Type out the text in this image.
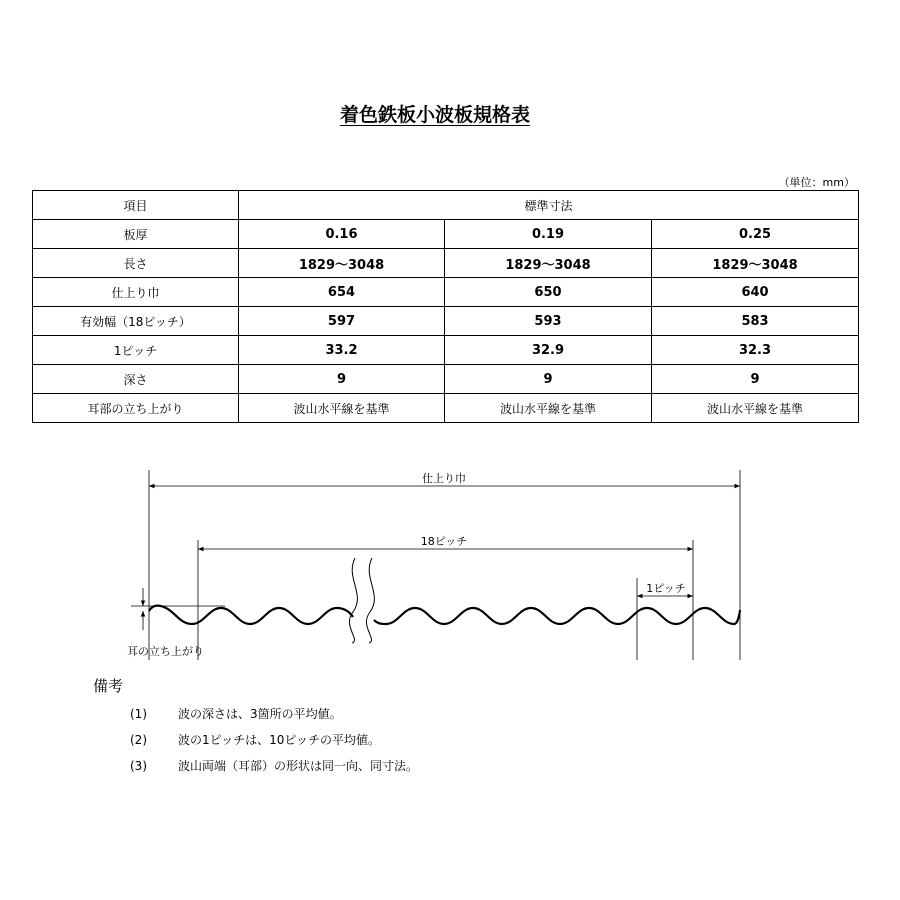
着色鉄板小波板規格表
（単位：mm）
項目	標準寸法		
板厚	0.16	0.19	0.25
長さ	1829～3048	1829～3048	1829～3048
仕上り巾	654	650	640
有効幅（18ピッチ）	597	593	583
1ピッチ	33.2	32.9	32.3
深さ	9	9	9
耳部の立ち上がり	波山水平線を基準	波山水平線を基準	波山水平線を基準
仕上り巾
18ピッチ
1ピッチ
耳の立ち上がり
備考
(1)	波の深さは、3箇所の平均値。
(2)	波の1ピッチは、10ピッチの平均値。
(3)	波山両端（耳部）の形状は同一向、同寸法。
